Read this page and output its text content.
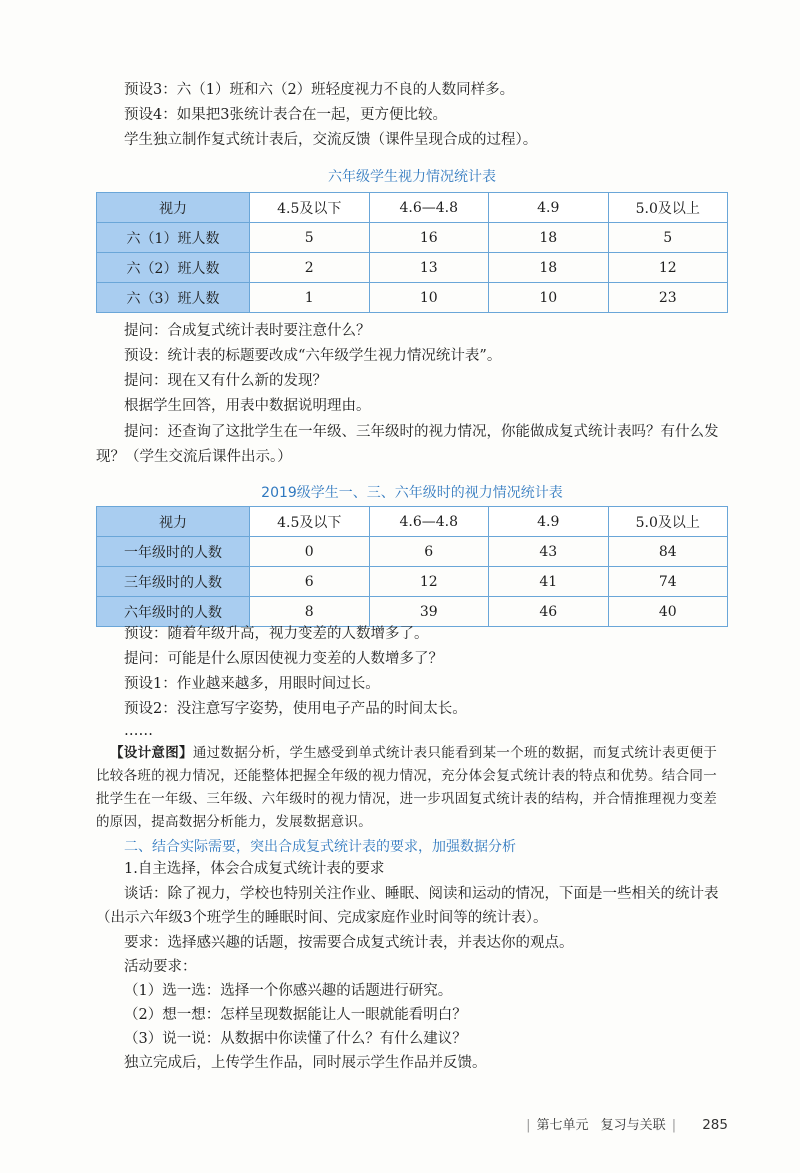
预设3：六（1）班和六（2）班轻度视力不良的人数同样多。
预设4：如果把3张统计表合在一起，更方便比较。
学生独立制作复式统计表后，交流反馈（课件呈现合成的过程）。
六年级学生视力情况统计表
视力	4.5及以下	4.6—4.8	4.9	5.0及以上
六（1）班人数	5	16	18	5
六（2）班人数	2	13	18	12
六（3）班人数	1	10	10	23
提问：合成复式统计表时要注意什么？
预设：统计表的标题要改成“六年级学生视力情况统计表”。
提问：现在又有什么新的发现？
根据学生回答，用表中数据说明理由。
提问：还查询了这批学生在一年级、三年级时的视力情况，你能做成复式统计表吗？有什么发现？（学生交流后课件出示。）
2019级学生一、三、六年级时的视力情况统计表
视力	4.5及以下	4.6—4.8	4.9	5.0及以上
一年级时的人数	0	6	43	84
三年级时的人数	6	12	41	74
六年级时的人数	8	39	46	40
预设：随着年级升高，视力变差的人数增多了。
提问：可能是什么原因使视力变差的人数增多了？
预设1：作业越来越多，用眼时间过长。
预设2：没注意写字姿势，使用电子产品的时间太长。
……
【设计意图】通过数据分析，学生感受到单式统计表只能看到某一个班的数据，而复式统计表更便于比较各班的视力情况，还能整体把握全年级的视力情况，充分体会复式统计表的特点和优势。结合同一批学生在一年级、三年级、六年级时的视力情况，进一步巩固复式统计表的结构，并合情推理视力变差的原因，提高数据分析能力，发展数据意识。
二、结合实际需要，突出合成复式统计表的要求，加强数据分析
1.自主选择，体会合成复式统计表的要求
谈话：除了视力，学校也特别关注作业、睡眠、阅读和运动的情况，下面是一些相关的统计表（出示六年级3个班学生的睡眠时间、完成家庭作业时间等的统计表）。
要求：选择感兴趣的话题，按需要合成复式统计表，并表达你的观点。
活动要求：
（1）选一选：选择一个你感兴趣的话题进行研究。
（2）想一想：怎样呈现数据能让人一眼就能看明白？
（3）说一说：从数据中你读懂了什么？有什么建议？
独立完成后，上传学生作品，同时展示学生作品并反馈。
| 第七单元 复习与关联 | 285
